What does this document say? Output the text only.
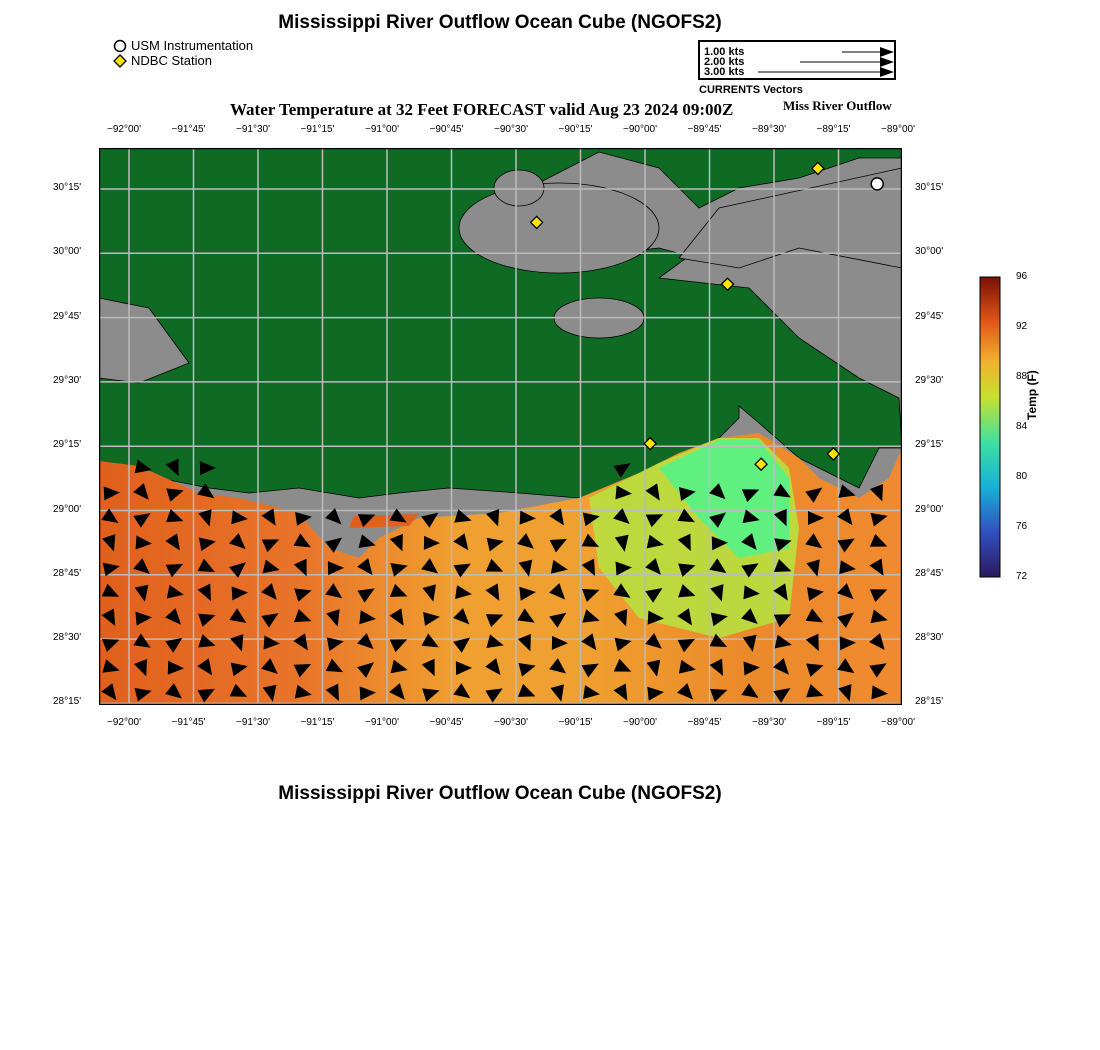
Mississippi River Outflow Ocean Cube (NGOFS2)
USM Instrumentation
NDBC Station
1.00 kts
2.00 kts
3.00 kts
CURRENTS Vectors
Water Temperature at 32 Feet FORECAST valid Aug 23 2024 09:00Z	Miss River Outflow
−92°00'	−91°45'	−91°30'	−91°15'	−91°00'	−90°45'	−90°30'	−90°15'	−90°00'	−89°45'	−89°30'	−89°15'	−89°00'
−92°00'	−91°45'	−91°30'	−91°15'	−91°00'	−90°45'	−90°30'	−90°15'	−90°00'	−89°45'	−89°30'	−89°15'	−89°00'
30°15'
30°00'
29°45'
29°30'
29°15'
29°00'
28°45'
28°30'
28°15'
30°15'
30°00'
29°45'
29°30'
29°15'
29°00'
28°45'
28°30'
28°15'
96
92
88
84
80
76
72
Temp (F)
Mississippi River Outflow Ocean Cube (NGOFS2)
